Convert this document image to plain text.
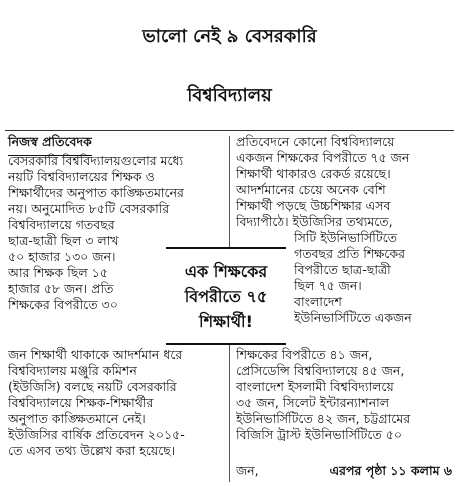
ভালো নেই ৯ বেসরকারি
বিশ্ববিদ্যালয়
নিজস্ব প্রতিবেদক
বেসরকারি বিশ্ববিদ্যালয়গুলোর মধ্যে
নয়টি বিশ্ববিদ্যালয়ের শিক্ষক ও
শিক্ষার্থীদের অনুপাত কাঙ্ক্ষিতমানের
নয়। অনুমোদিত ৮৫টি বেসরকারি
বিশ্ববিদ্যালয়ে গতবছর
ছাত্র-ছাত্রী ছিল ৩ লাখ
৫০ হাজার ১৩০ জন।
আর শিক্ষক ছিল ১৫
হাজার ৫৮ জন। প্রতি
শিক্ষকের বিপরীতে ৩০
জন শিক্ষার্থী থাকাকে আদর্শমান ধরে
বিশ্ববিদ্যালয় মঞ্জুরি কমিশন
(ইউজিসি) বলছে নয়টি বেসরকারি
বিশ্ববিদ্যালয়ে শিক্ষক-শিক্ষার্থীর
অনুপাত কাঙ্ক্ষিতমানে নেই।
ইউজিসির বার্ষিক প্রতিবেদন ২০১৫-
তে এসব তথ্য উল্লেখ করা হয়েছে।
এক শিক্ষকের
বিপরীতে ৭৫
শিক্ষার্থী!
প্রতিবেদনে কোনো বিশ্ববিদ্যালয়ে
একজন শিক্ষকের বিপরীতে ৭৫ জন
শিক্ষার্থী থাকারও রেকর্ড রয়েছে।
আদর্শমানের চেয়ে অনেক বেশি
শিক্ষার্থী পড়ছে উচ্চশিক্ষার এসব
বিদ্যাপীঠে। ইউজিসির তথ্যমতে,
সিটি ইউনিভার্সিটিতে
গতবছর প্রতি শিক্ষকের
বিপরীতে ছাত্র-ছাত্রী
ছিল ৭৫ জন।
বাংলাদেশ
ইউনিভার্সিটিতে একজন
শিক্ষকের বিপরীতে ৪১ জন,
প্রেসিডেন্সি বিশ্ববিদ্যালয়ে ৪৫ জন,
বাংলাদেশ ইসলামী বিশ্ববিদ্যালয়ে
৩৫ জন, সিলেট ইন্টারন্যাশনাল
ইউনিভার্সিটিতে ৪২ জন, চট্টগ্রামের
বিজিসি ট্রাস্ট ইউনিভার্সিটিতে ৫০
জন,	এরপর পৃষ্ঠা ১১ কলাম ৬
